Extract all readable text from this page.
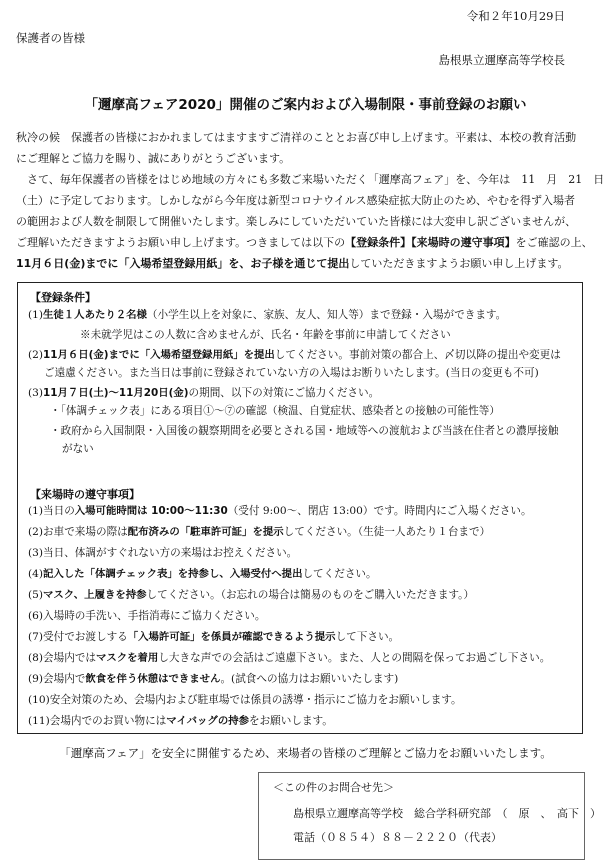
令和２年10月29日
保護者の皆様
島根県立邇摩高等学校長
「邇摩高フェア2020」開催のご案内および入場制限・事前登録のお願い

秋冷の候　保護者の皆様におかれましてはますますご清祥のこととお喜び申し上げます。平素は、本校の教育活動

にご理解とご協力を賜り、誠にありがとうございます。

　さて、毎年保護者の皆様をはじめ地域の方々にも多数ご来場いただく「邇摩高フェア」を、今年は　11　月　21　日

（土）に予定しております。しかしながら今年度は新型コロナウイルス感染症拡大防止のため、やむを得ず入場者

の範囲および人数を制限して開催いたします。楽しみにしていただいていた皆様には大変申し訳ございませんが、

ご理解いただきますようお願い申し上げます。つきましては以下の【登録条件】【来場時の遵守事項】をご確認の上、

11月６日(金)までに「入場希望登録用紙」を、お子様を通じて提出していただきますようお願い申し上げます。

【登録条件】
(1)生徒１人あたり２名様（小学生以上を対象に、家族、友人、知人等）まで登録・入場ができます。
※未就学児はこの人数に含めませんが、氏名・年齢を事前に申請してください
(2)11月６日(金)までに「入場希望登録用紙」を提出してください。事前対策の都合上、〆切以降の提出や変更は
ご遠慮ください。また当日は事前に登録されていない方の入場はお断りいたします。(当日の変更も不可)
(3)11月７日(土)～11月20日(金)の期間、以下の対策にご協力ください。
・「体調チェック表」にある項目①～⑦の確認（検温、自覚症状、感染者との接触の可能性等）
・政府から入国制限・入国後の観察期間を必要とされる国・地域等への渡航および当該在住者との濃厚接触
がない
【来場時の遵守事項】
(1)当日の入場可能時間は 10:00～11:30（受付 9:00～、閉店 13:00）です。時間内にご入場ください。
(2)お車で来場の際は配布済みの「駐車許可証」を提示してください。（生徒一人あたり１台まで）
(3)当日、体調がすぐれない方の来場はお控えください。
(4)記入した「体調チェック表」を持参し、入場受付へ提出してください。
(5)マスク、上履きを持参してください。（お忘れの場合は簡易のものをご購入いただきます。）
(6)入場時の手洗い、手指消毒にご協力ください。
(7)受付でお渡しする「入場許可証」を係員が確認できるよう提示して下さい。
(8)会場内ではマスクを着用し大きな声での会話はご遠慮下さい。また、人との間隔を保ってお過ごし下さい。
(9)会場内で飲食を伴う休憩はできません。(試食への協力はお願いいたします)
(10)安全対策のため、会場内および駐車場では係員の誘導・指示にご協力をお願いします。
(11)会場内でのお買い物にはマイバッグの持参をお願いします。
「邇摩高フェア」を安全に開催するため、来場者の皆様のご理解とご協力をお願いいたします。
＜この件のお問合せ先＞
島根県立邇摩高等学校　総合学科研究部　（　原　、　高下　）
電話（０８５４）８８－２２２０（代表）
